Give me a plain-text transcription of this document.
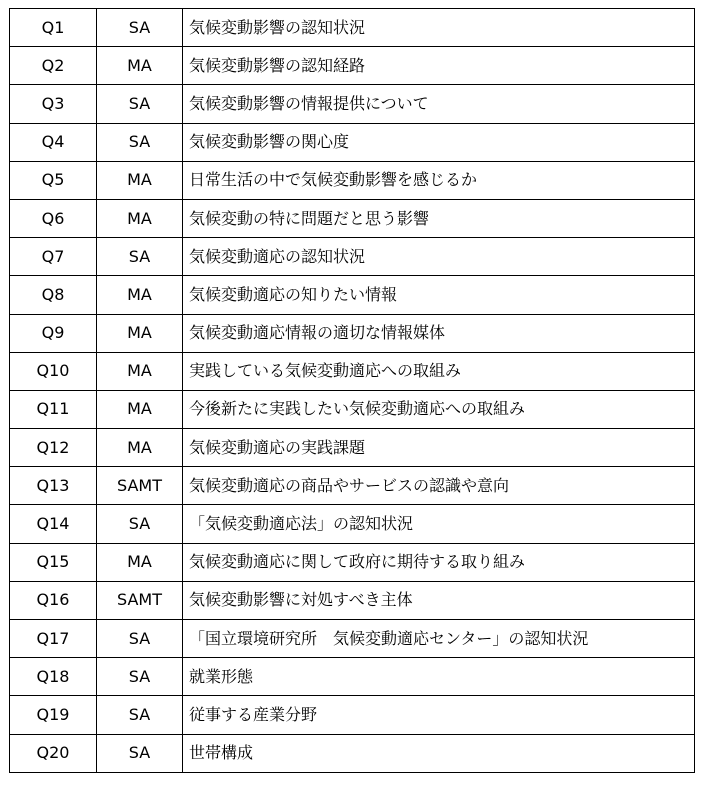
Q1	SA	気候変動影響の認知状況
Q2	MA	気候変動影響の認知経路
Q3	SA	気候変動影響の情報提供について
Q4	SA	気候変動影響の関心度
Q5	MA	日常生活の中で気候変動影響を感じるか
Q6	MA	気候変動の特に問題だと思う影響
Q7	SA	気候変動適応の認知状況
Q8	MA	気候変動適応の知りたい情報
Q9	MA	気候変動適応情報の適切な情報媒体
Q10	MA	実践している気候変動適応への取組み
Q11	MA	今後新たに実践したい気候変動適応への取組み
Q12	MA	気候変動適応の実践課題
Q13	SAMT	気候変動適応の商品やサービスの認識や意向
Q14	SA	「気候変動適応法」の認知状況
Q15	MA	気候変動適応に関して政府に期待する取り組み
Q16	SAMT	気候変動影響に対処すべき主体
Q17	SA	「国立環境研究所　気候変動適応センター」の認知状況
Q18	SA	就業形態
Q19	SA	従事する産業分野
Q20	SA	世帯構成
